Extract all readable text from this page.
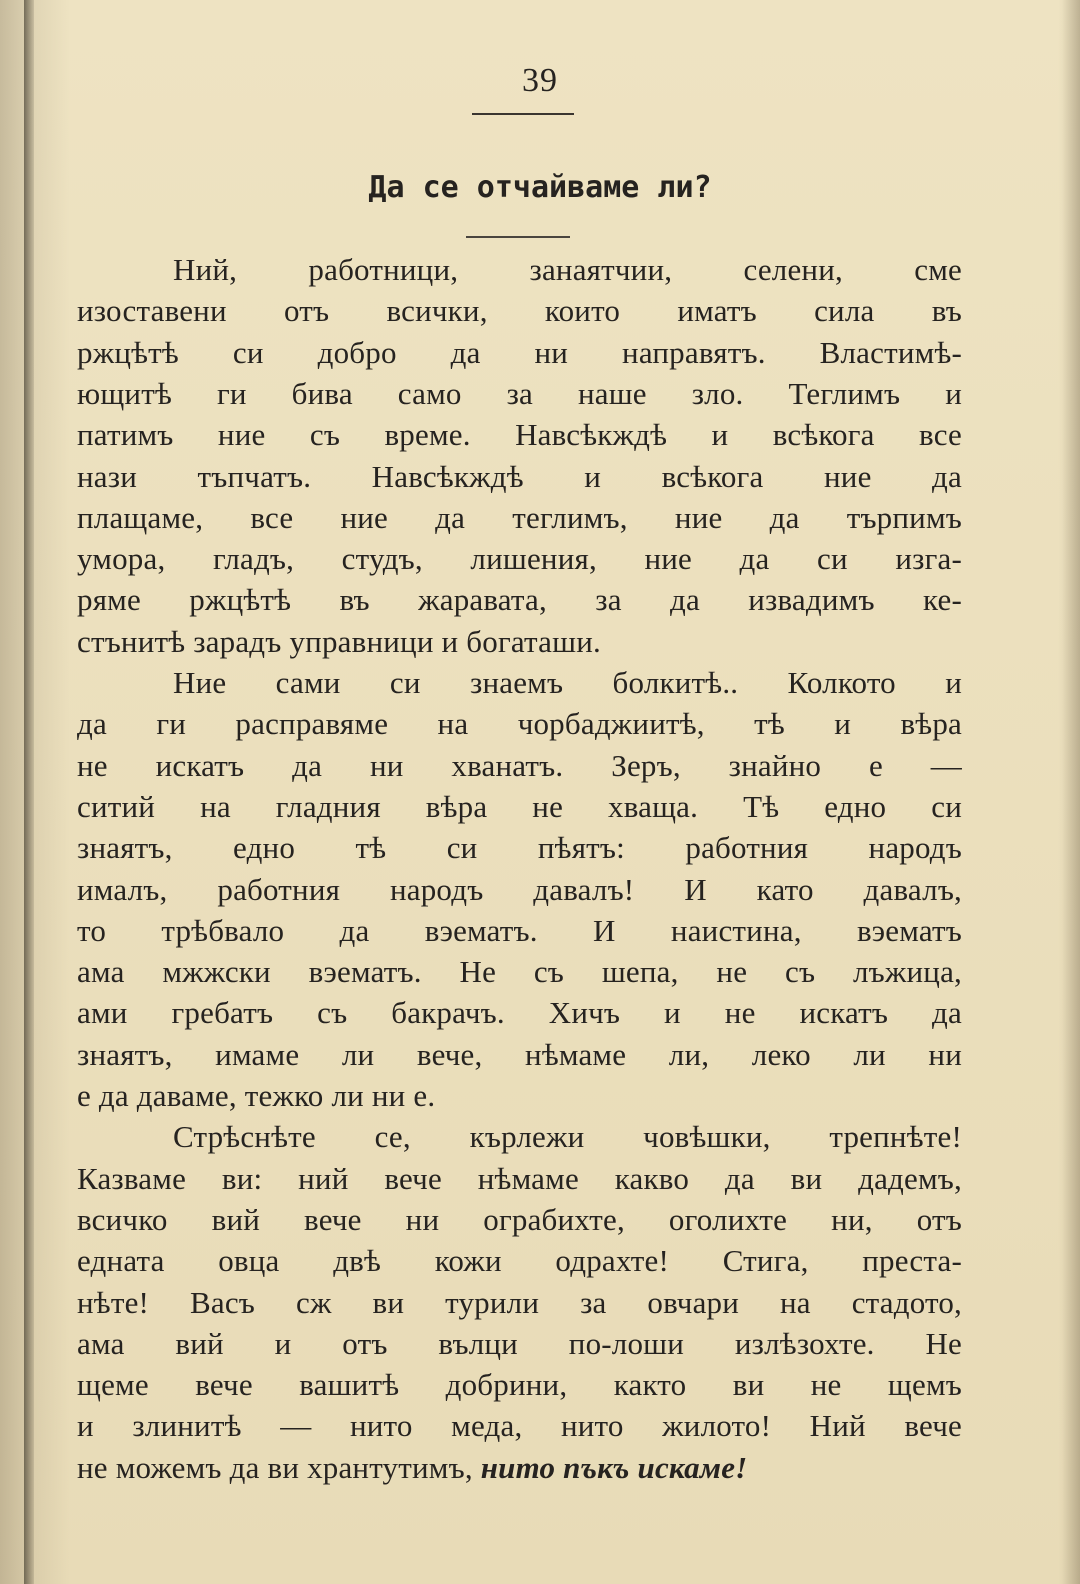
39
Да се отчайваме ли?
Ний, работници, занаятчии, селени, сме
изоставени отъ всички, които иматъ сила въ
ржцѣтѣ си добро да ни направятъ. Властимѣ-
ющитѣ ги бива само за наше зло. Теглимъ и
патимъ ние съ време. Навсѣкждѣ и всѣкога все
нази тъпчатъ. Навсѣкждѣ и всѣкога ние да
плащаме, все ние да теглимъ, ние да търпимъ
умора, гладъ, студъ, лишения, ние да си изга-
ряме ржцѣтѣ въ жаравата, за да извадимъ ке-
стънитѣ зарадъ управници и богаташи.
Ние сами си знаемъ болкитѣ.. Колкото и
да ги расправяме на чорбаджиитѣ, тѣ и вѣра
не искатъ да ни хванатъ. Зеръ, знайно е —
ситий на гладния вѣра не хваща. Тѣ едно си
знаятъ, едно тѣ си пѣятъ: работния народъ
ималъ, работния народъ давалъ! И като давалъ,
то трѣбвало да вэематъ. И наистина, вэематъ
ама мжжски вэематъ. Не съ шепа, не съ лъжица,
ами гребатъ съ бакрачъ. Хичъ и не искатъ да
знаятъ, имаме ли вече, нѣмаме ли, леко ли ни
е да даваме, тежко ли ни е.
Стрѣснѣте се, кърлежи човѣшки, трепнѣте!
Казваме ви: ний вече нѣмаме какво да ви дадемъ,
всичко вий вече ни ограбихте, оголихте ни, отъ
едната овца двѣ кожи одрахте! Стига, преста-
нѣте! Васъ сж ви турили за овчари на стадото,
ама вий и отъ вълци по-лоши излѣзохте. Не
щеме вече вашитѣ добрини, както ви не щемъ
и злинитѣ — нито меда, нито жилото! Ний вече
не можемъ да ви хрантутимъ, нито пъкъ искаме!
